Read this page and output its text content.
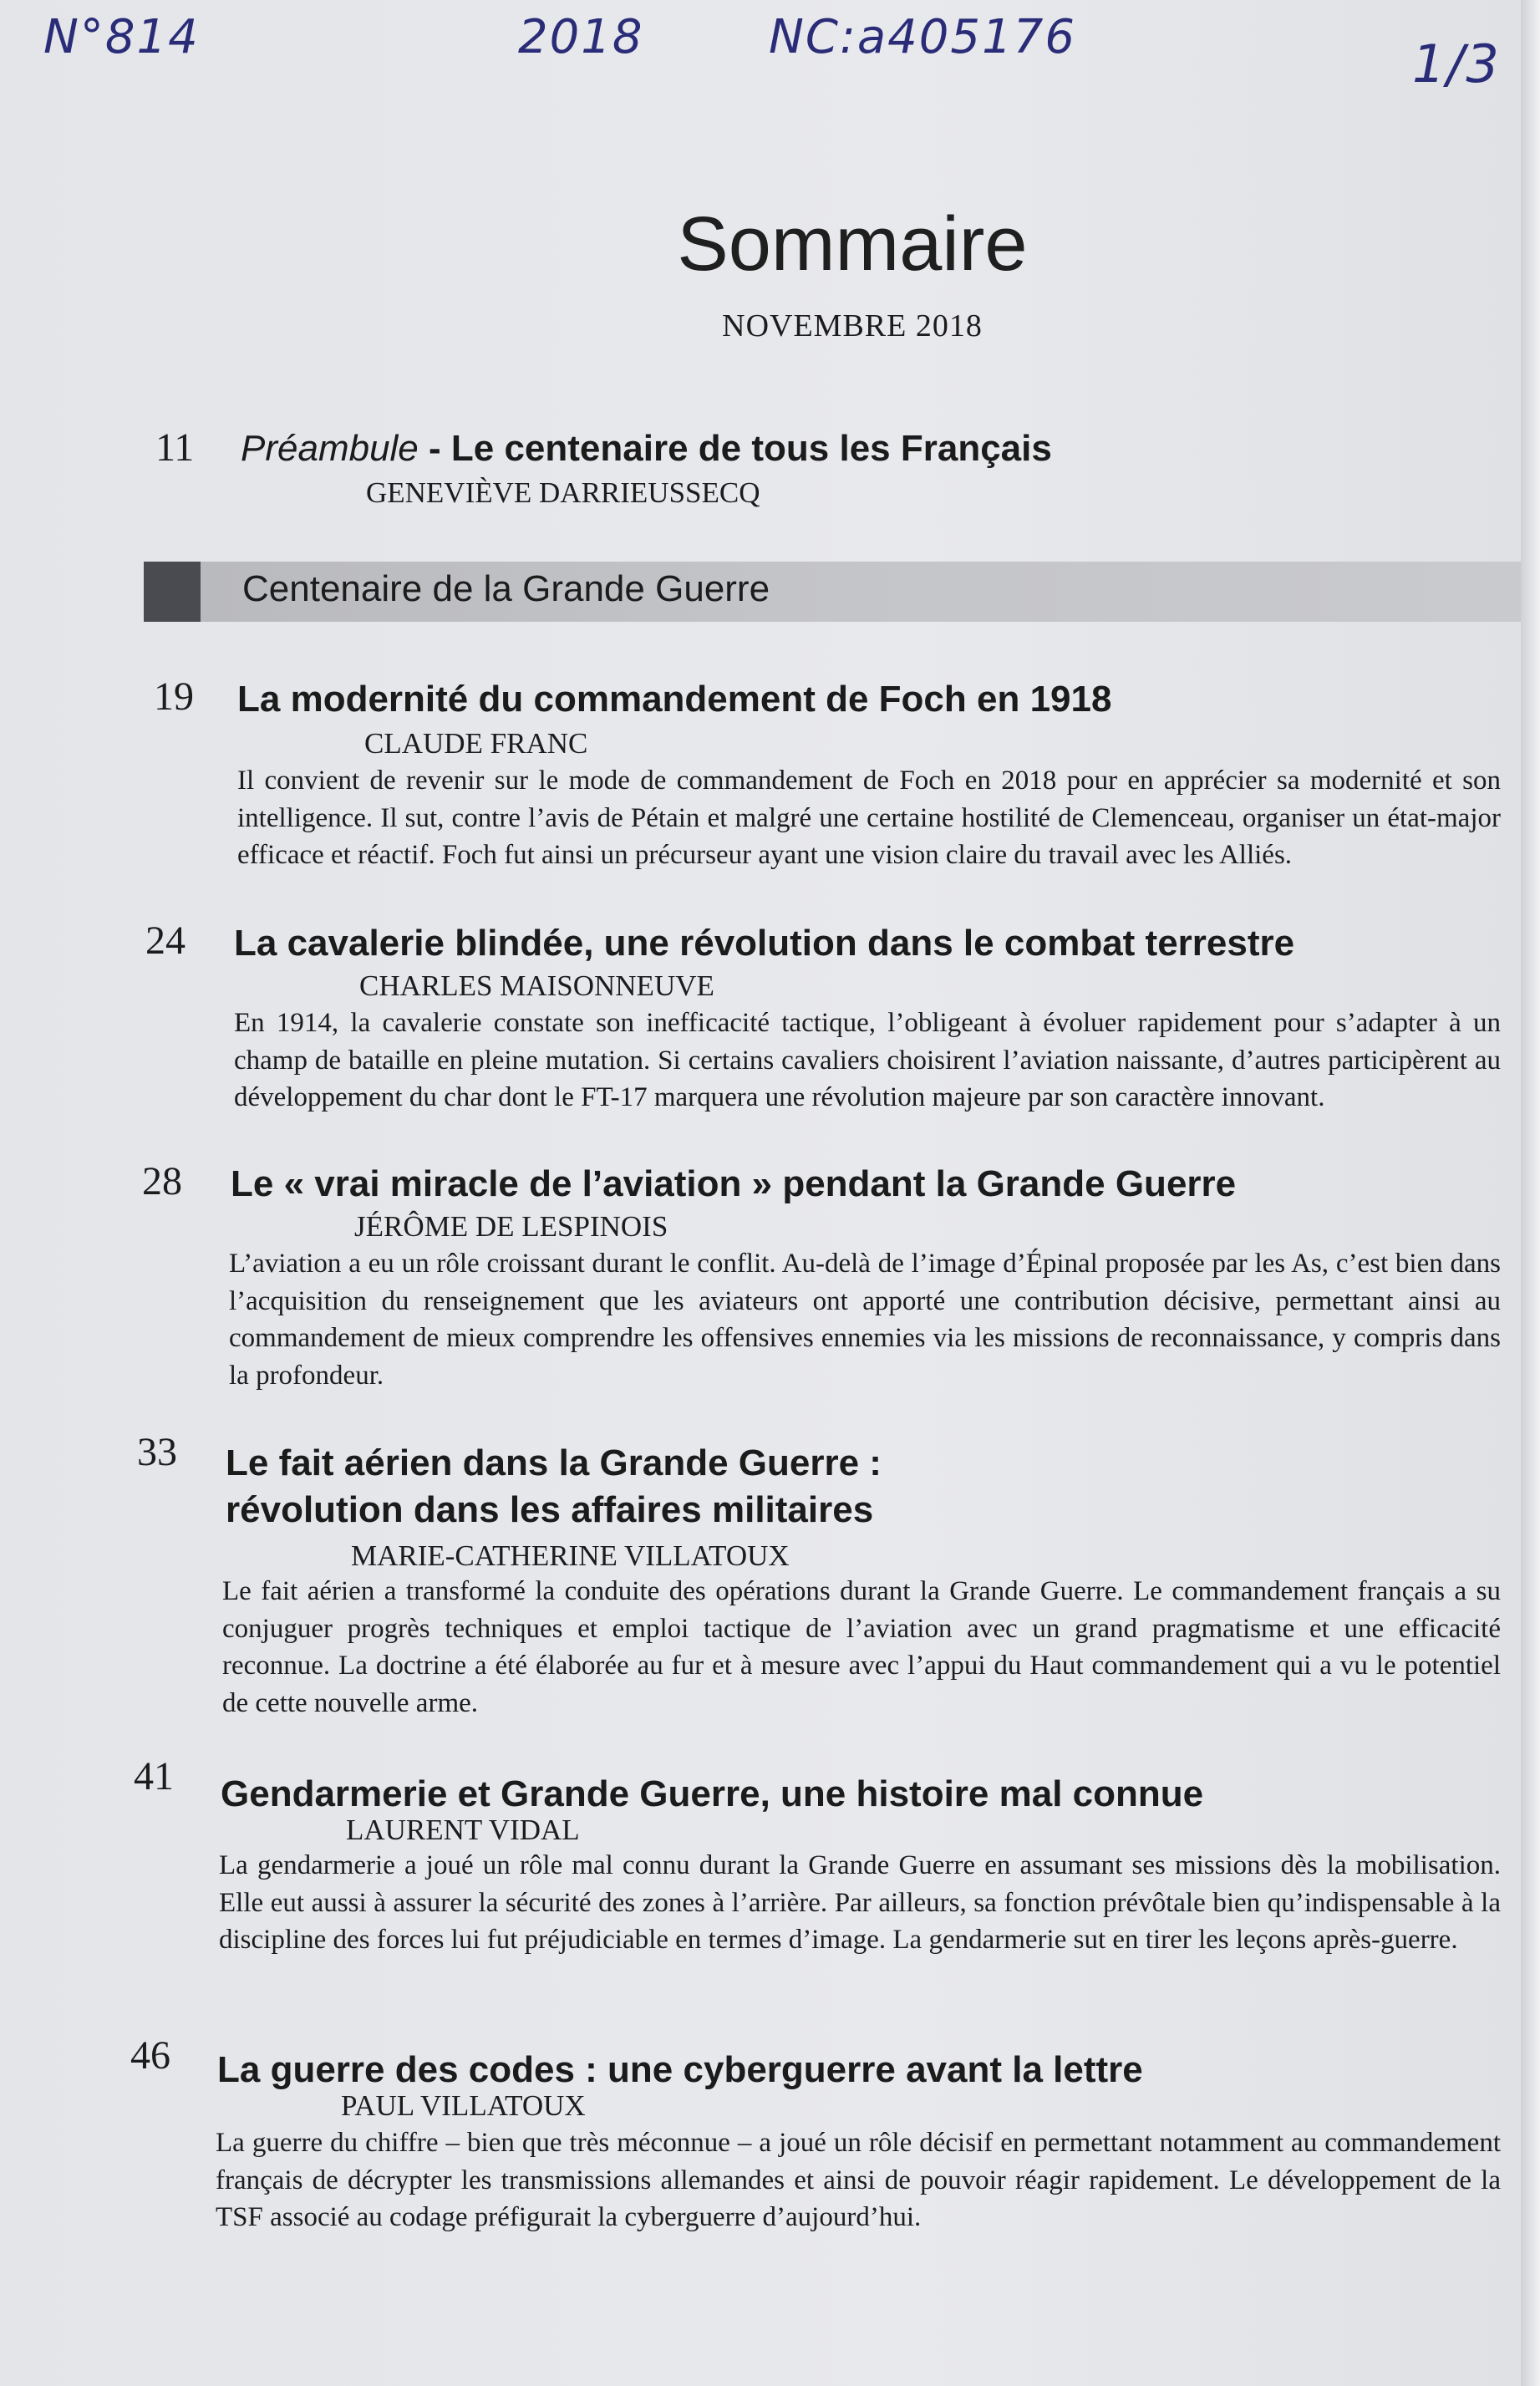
N°814	2018	NC:a405176	1/3
Sommaire
NOVEMBRE 2018
11 Préambule - Le centenaire de tous les Français
GENEVIÈVE DARRIEUSSECQ
Centenaire de la Grande Guerre
19 La modernité du commandement de Foch en 1918
CLAUDE FRANC
Il convient de revenir sur le mode de commandement de Foch en 2018 pour en apprécier sa modernité et son intelligence. Il sut, contre l’avis de Pétain et malgré une certaine hostilité de Clemenceau, organiser un état-major efficace et réactif. Foch fut ainsi un précurseur ayant une vision claire du travail avec les Alliés.
24 La cavalerie blindée, une révolution dans le combat terrestre
CHARLES MAISONNEUVE
En 1914, la cavalerie constate son inefficacité tactique, l’obligeant à évoluer rapidement pour s’adapter à un champ de bataille en pleine mutation. Si certains cavaliers choisirent l’aviation naissante, d’autres participèrent au développement du char dont le FT-17 marquera une révolution majeure par son caractère innovant.
28 Le « vrai miracle de l’aviation » pendant la Grande Guerre
JÉRÔME DE LESPINOIS
L’aviation a eu un rôle croissant durant le conflit. Au-delà de l’image d’Épinal proposée par les As, c’est bien dans l’acquisition du renseignement que les aviateurs ont apporté une contribution décisive, permettant ainsi au commandement de mieux comprendre les offensives ennemies via les missions de reconnaissance, y compris dans la profondeur.
33 Le fait aérien dans la Grande Guerre :
révolution dans les affaires militaires
MARIE-CATHERINE VILLATOUX
Le fait aérien a transformé la conduite des opérations durant la Grande Guerre. Le commandement français a su conjuguer progrès techniques et emploi tactique de l’aviation avec un grand pragmatisme et une efficacité reconnue. La doctrine a été élaborée au fur et à mesure avec l’appui du Haut commandement qui a vu le potentiel de cette nouvelle arme.
41 Gendarmerie et Grande Guerre, une histoire mal connue
LAURENT VIDAL
La gendarmerie a joué un rôle mal connu durant la Grande Guerre en assumant ses missions dès la mobilisation. Elle eut aussi à assurer la sécurité des zones à l’arrière. Par ailleurs, sa fonction prévôtale bien qu’indispensable à la discipline des forces lui fut préjudiciable en termes d’image. La gendarmerie sut en tirer les leçons après-guerre.
46 La guerre des codes : une cyberguerre avant la lettre
PAUL VILLATOUX
La guerre du chiffre – bien que très méconnue – a joué un rôle décisif en permettant notamment au commandement français de décrypter les transmissions allemandes et ainsi de pouvoir réagir rapidement. Le développement de la TSF associé au codage préfigurait la cyberguerre d’aujourd’hui.
